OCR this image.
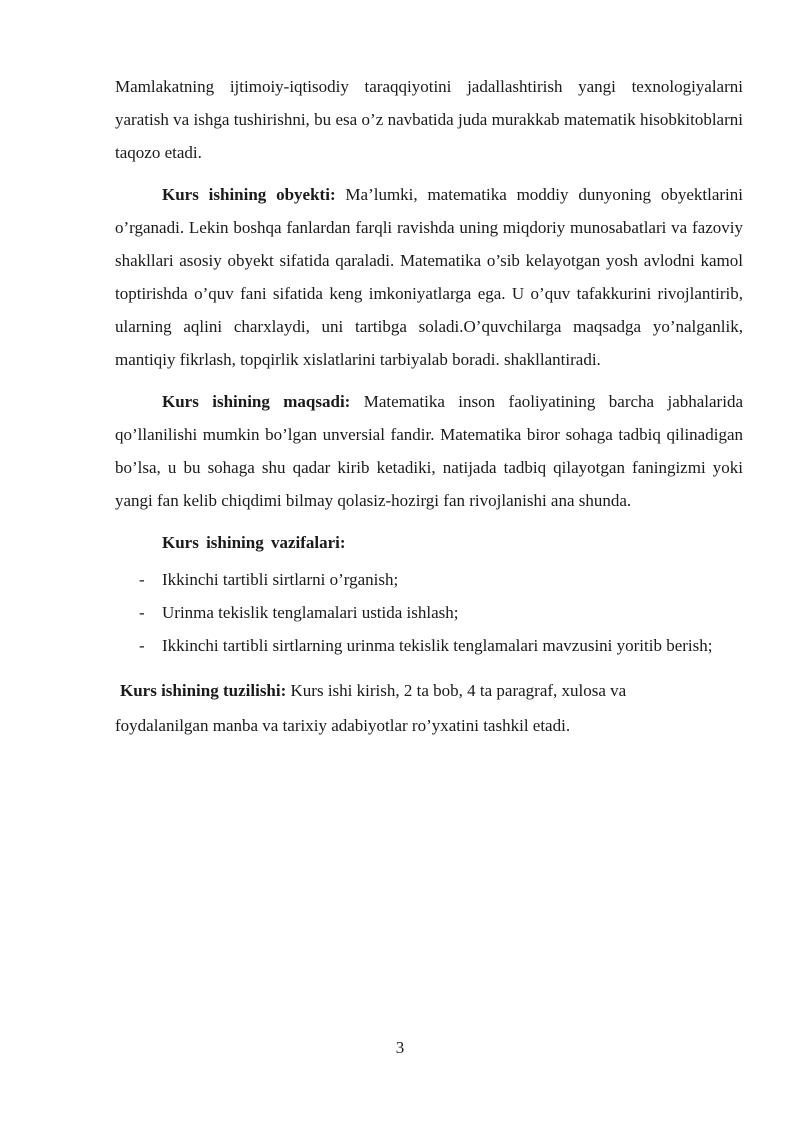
Mamlakatning ijtimoiy-iqtisodiy taraqqiyotini jadallashtirish yangi texnologiyalarni yaratish va ishga tushirishni, bu esa o’z navbatida juda murakkab matematik hisobkitoblarni taqozo etadi.

Kurs ishining obyekti: Ma’lumki, matematika moddiy dunyoning obyektlarini o’rganadi. Lekin boshqa fanlardan farqli ravishda uning miqdoriy munosabatlari va fazoviy shakllari asosiy obyekt sifatida qaraladi. Matematika o’sib kelayotgan yosh avlodni kamol toptirishda o’quv fani sifatida keng imkoniyatlarga ega. U o’quv tafakkurini rivojlantirib, ularning aqlini charxlaydi, uni tartibga soladi.O’quvchilarga maqsadga yo’nalganlik, mantiqiy fikrlash, topqirlik xislatlarini tarbiyalab boradi. shakllantiradi.

Kurs ishining maqsadi: Matematika inson faoliyatining barcha jabhalarida qo’llanilishi mumkin bo’lgan unversial fandir. Matematika biror sohaga tadbiq qilinadigan bo’lsa, u bu sohaga shu qadar kirib ketadiki, natijada tadbiq qilayotgan faningizmi yoki yangi fan kelib chiqdimi bilmay qolasiz-hozirgi fan rivojlanishi ana shunda.

Kurs ishining vazifalari:
- Ikkinchi tartibli sirtlarni o’rganish;
- Urinma tekislik tenglamalari ustida ishlash;
- Ikkinchi tartibli sirtlarning urinma tekislik tenglamalari mavzusini yoritib berish;
Kurs ishining tuzilishi: Kurs ishi kirish, 2 ta bob, 4 ta paragraf, xulosa va
foydalanilgan manba va tarixiy adabiyotlar ro’yxatini tashkil etadi.
3
